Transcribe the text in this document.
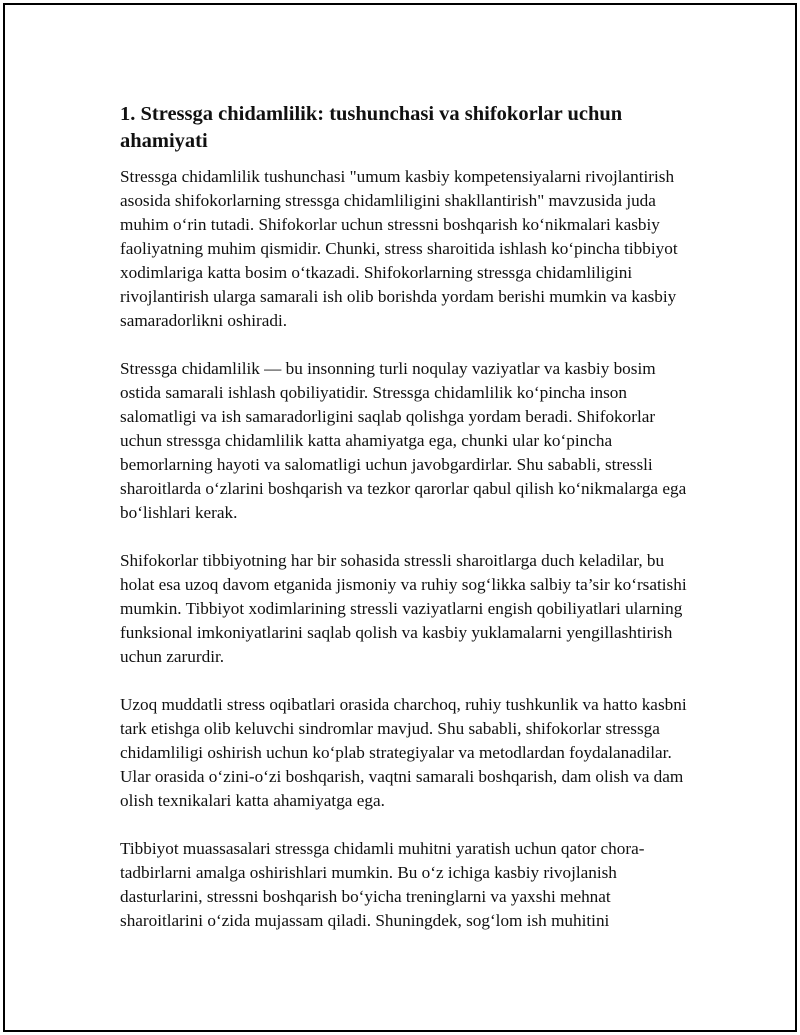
1. Stressga chidamlilik: tushunchasi va shifokorlar uchun ahamiyati

Stressga chidamlilik tushunchasi "umum kasbiy kompetensiyalarni rivojlantirish asosida shifokorlarning stressga chidamliligini shakllantirish" mavzusida juda muhim o‘rin tutadi. Shifokorlar uchun stressni boshqarish ko‘nikmalari kasbiy faoliyatning muhim qismidir. Chunki, stress sharoitida ishlash ko‘pincha tibbiyot xodimlariga katta bosim o‘tkazadi. Shifokorlarning stressga chidamliligini rivojlantirish ularga samarali ish olib borishda yordam berishi mumkin va kasbiy samaradorlikni oshiradi.

Stressga chidamlilik — bu insonning turli noqulay vaziyatlar va kasbiy bosim ostida samarali ishlash qobiliyatidir. Stressga chidamlilik ko‘pincha inson salomatligi va ish samaradorligini saqlab qolishga yordam beradi. Shifokorlar uchun stressga chidamlilik katta ahamiyatga ega, chunki ular ko‘pincha bemorlarning hayoti va salomatligi uchun javobgardirlar. Shu sababli, stressli sharoitlarda o‘zlarini boshqarish va tezkor qarorlar qabul qilish ko‘nikmalarga ega bo‘lishlari kerak.

Shifokorlar tibbiyotning har bir sohasida stressli sharoitlarga duch keladilar, bu holat esa uzoq davom etganida jismoniy va ruhiy sog‘likka salbiy ta’sir ko‘rsatishi mumkin. Tibbiyot xodimlarining stressli vaziyatlarni engish qobiliyatlari ularning funksional imkoniyatlarini saqlab qolish va kasbiy yuklamalarni yengillashtirish uchun zarurdir.

Uzoq muddatli stress oqibatlari orasida charchoq, ruhiy tushkunlik va hatto kasbni tark etishga olib keluvchi sindromlar mavjud. Shu sababli, shifokorlar stressga chidamliligi oshirish uchun ko‘plab strategiyalar va metodlardan foydalanadilar. Ular orasida o‘zini-o‘zi boshqarish, vaqtni samarali boshqarish, dam olish va dam olish texnikalari katta ahamiyatga ega.

Tibbiyot muassasalari stressga chidamli muhitni yaratish uchun qator chora-tadbirlarni amalga oshirishlari mumkin. Bu o‘z ichiga kasbiy rivojlanish dasturlarini, stressni boshqarish bo‘yicha treninglarni va yaxshi mehnat sharoitlarini o‘zida mujassam qiladi. Shuningdek, sog‘lom ish muhitini
